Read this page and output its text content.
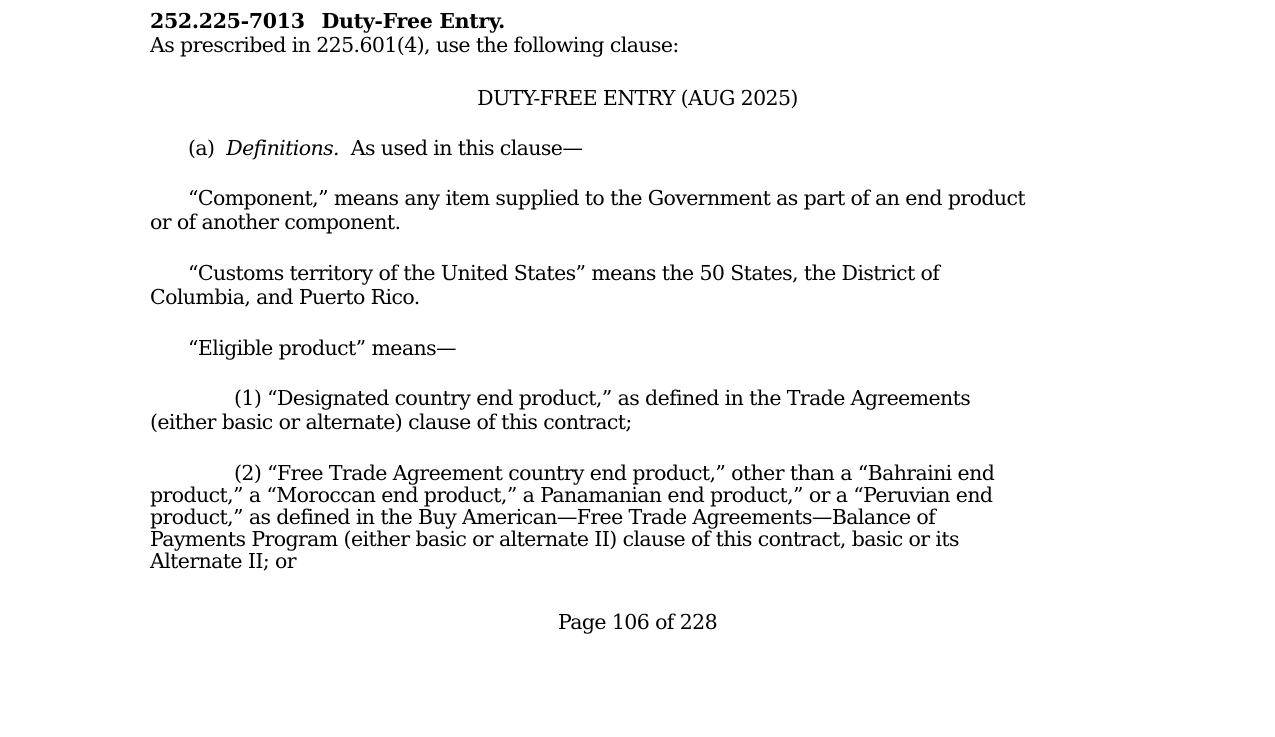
252.225-7013 Duty-Free Entry.
As prescribed in 225.601(4), use the following clause:
DUTY-FREE ENTRY (AUG 2025)
(a) Definitions. As used in this clause—
“Component,” means any item supplied to the Government as part of an end product
or of another component.
“Customs territory of the United States” means the 50 States, the District of
Columbia, and Puerto Rico.
“Eligible product” means—
(1) “Designated country end product,” as defined in the Trade Agreements
(either basic or alternate) clause of this contract;
(2) “Free Trade Agreement country end product,” other than a “Bahraini end
product,” a “Moroccan end product,” a Panamanian end product,” or a “Peruvian end
product,” as defined in the Buy American—Free Trade Agreements—Balance of
Payments Program (either basic or alternate II) clause of this contract, basic or its
Alternate II; or
Page 106 of 228
